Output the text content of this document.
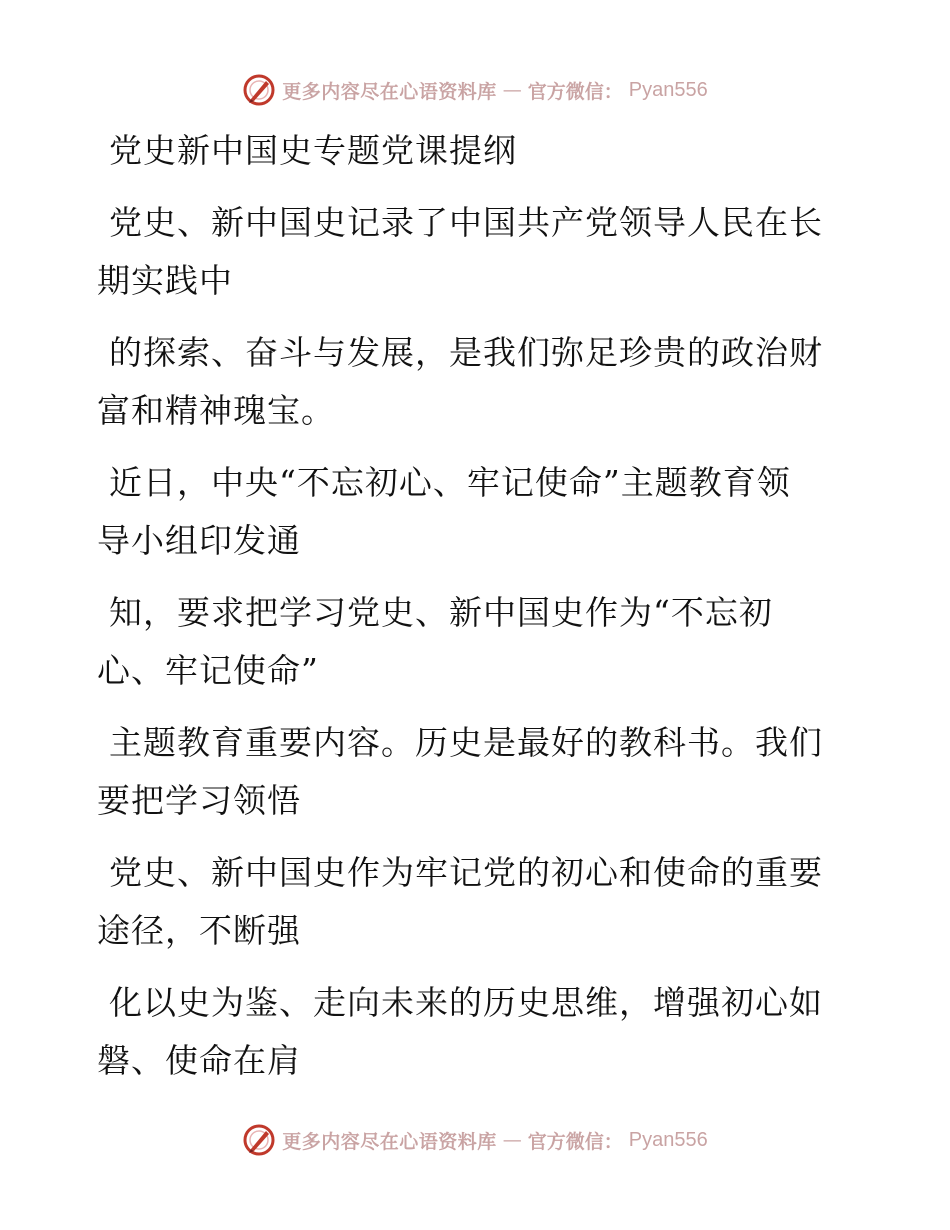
更多内容尽在心语资料库 — 官方微信： Pyan556
党史新中国史专题党课提纲
党史、新中国史记录了中国共产党领导人民在长
期实践中
的探索、奋斗与发展，是我们弥足珍贵的政治财
富和精神瑰宝。
近日，中央“不忘初心、牢记使命”主题教育领
导小组印发通
知，要求把学习党史、新中国史作为“不忘初
心、牢记使命”
主题教育重要内容。历史是最好的教科书。我们
要把学习领悟
党史、新中国史作为牢记党的初心和使命的重要
途径，不断强
化以史为鉴、走向未来的历史思维，增强初心如
磐、使命在肩
更多内容尽在心语资料库 — 官方微信： Pyan556
